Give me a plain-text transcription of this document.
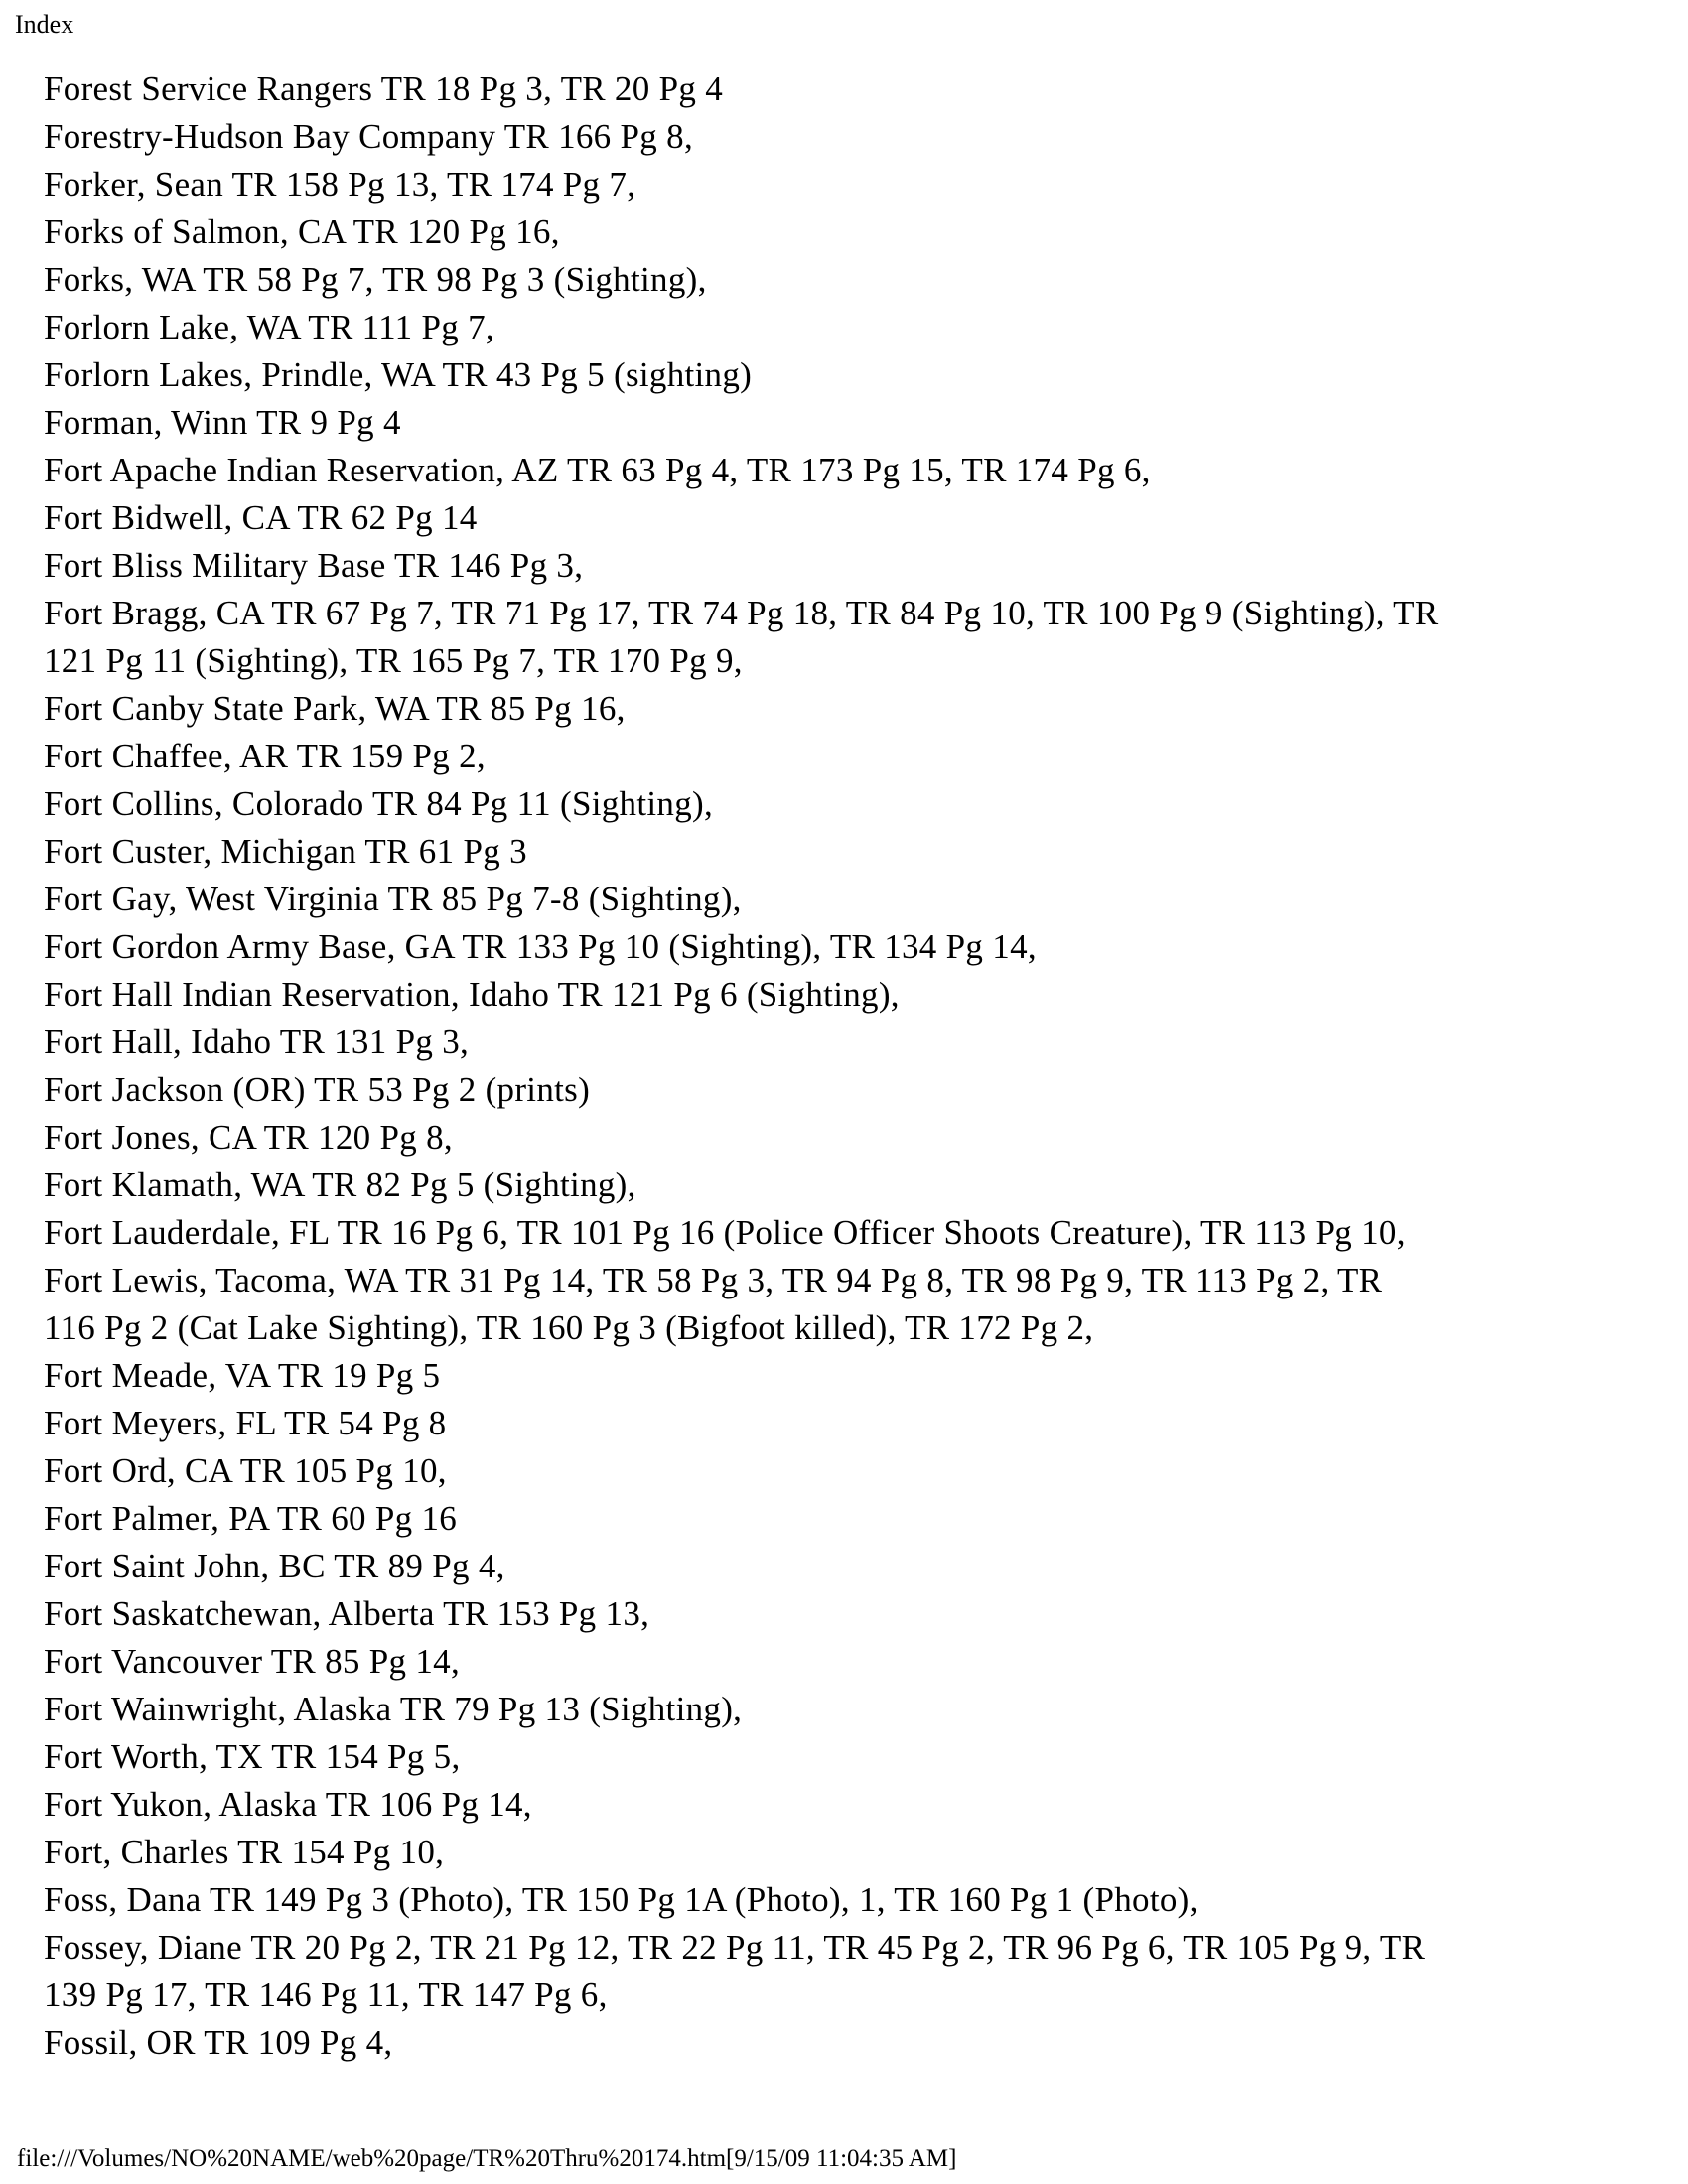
Index
Forest Service Rangers TR 18 Pg 3, TR 20 Pg 4
Forestry-Hudson Bay Company TR 166 Pg 8,
Forker, Sean TR 158 Pg 13, TR 174 Pg 7,
Forks of Salmon, CA TR 120 Pg 16,
Forks, WA TR 58 Pg 7, TR 98 Pg 3 (Sighting),
Forlorn Lake, WA TR 111 Pg 7,
Forlorn Lakes, Prindle, WA TR 43 Pg 5 (sighting)
Forman, Winn TR 9 Pg 4
Fort Apache Indian Reservation, AZ TR 63 Pg 4, TR 173 Pg 15, TR 174 Pg 6,
Fort Bidwell, CA TR 62 Pg 14
Fort Bliss Military Base TR 146 Pg 3,
Fort Bragg, CA TR 67 Pg 7, TR 71 Pg 17, TR 74 Pg 18, TR 84 Pg 10, TR 100 Pg 9 (Sighting), TR
121 Pg 11 (Sighting), TR 165 Pg 7, TR 170 Pg 9,
Fort Canby State Park, WA TR 85 Pg 16,
Fort Chaffee, AR TR 159 Pg 2,
Fort Collins, Colorado TR 84 Pg 11 (Sighting),
Fort Custer, Michigan TR 61 Pg 3
Fort Gay, West Virginia TR 85 Pg 7-8 (Sighting),
Fort Gordon Army Base, GA TR 133 Pg 10 (Sighting), TR 134 Pg 14,
Fort Hall Indian Reservation, Idaho TR 121 Pg 6 (Sighting),
Fort Hall, Idaho TR 131 Pg 3,
Fort Jackson (OR) TR 53 Pg 2 (prints)
Fort Jones, CA TR 120 Pg 8,
Fort Klamath, WA TR 82 Pg 5 (Sighting),
Fort Lauderdale, FL TR 16 Pg 6, TR 101 Pg 16 (Police Officer Shoots Creature), TR 113 Pg 10,
Fort Lewis, Tacoma, WA TR 31 Pg 14, TR 58 Pg 3, TR 94 Pg 8, TR 98 Pg 9, TR 113 Pg 2, TR
116 Pg 2 (Cat Lake Sighting), TR 160 Pg 3 (Bigfoot killed), TR 172 Pg 2,
Fort Meade, VA TR 19 Pg 5
Fort Meyers, FL TR 54 Pg 8
Fort Ord, CA TR 105 Pg 10,
Fort Palmer, PA TR 60 Pg 16
Fort Saint John, BC TR 89 Pg 4,
Fort Saskatchewan, Alberta TR 153 Pg 13,
Fort Vancouver TR 85 Pg 14,
Fort Wainwright, Alaska TR 79 Pg 13 (Sighting),
Fort Worth, TX TR 154 Pg 5,
Fort Yukon, Alaska TR 106 Pg 14,
Fort, Charles TR 154 Pg 10,
Foss, Dana TR 149 Pg 3 (Photo), TR 150 Pg 1A (Photo), 1, TR 160 Pg 1 (Photo),
Fossey, Diane TR 20 Pg 2, TR 21 Pg 12, TR 22 Pg 11, TR 45 Pg 2, TR 96 Pg 6, TR 105 Pg 9, TR
139 Pg 17, TR 146 Pg 11, TR 147 Pg 6,
Fossil, OR TR 109 Pg 4,
file:///Volumes/NO%20NAME/web%20page/TR%20Thru%20174.htm[9/15/09 11:04:35 AM]
